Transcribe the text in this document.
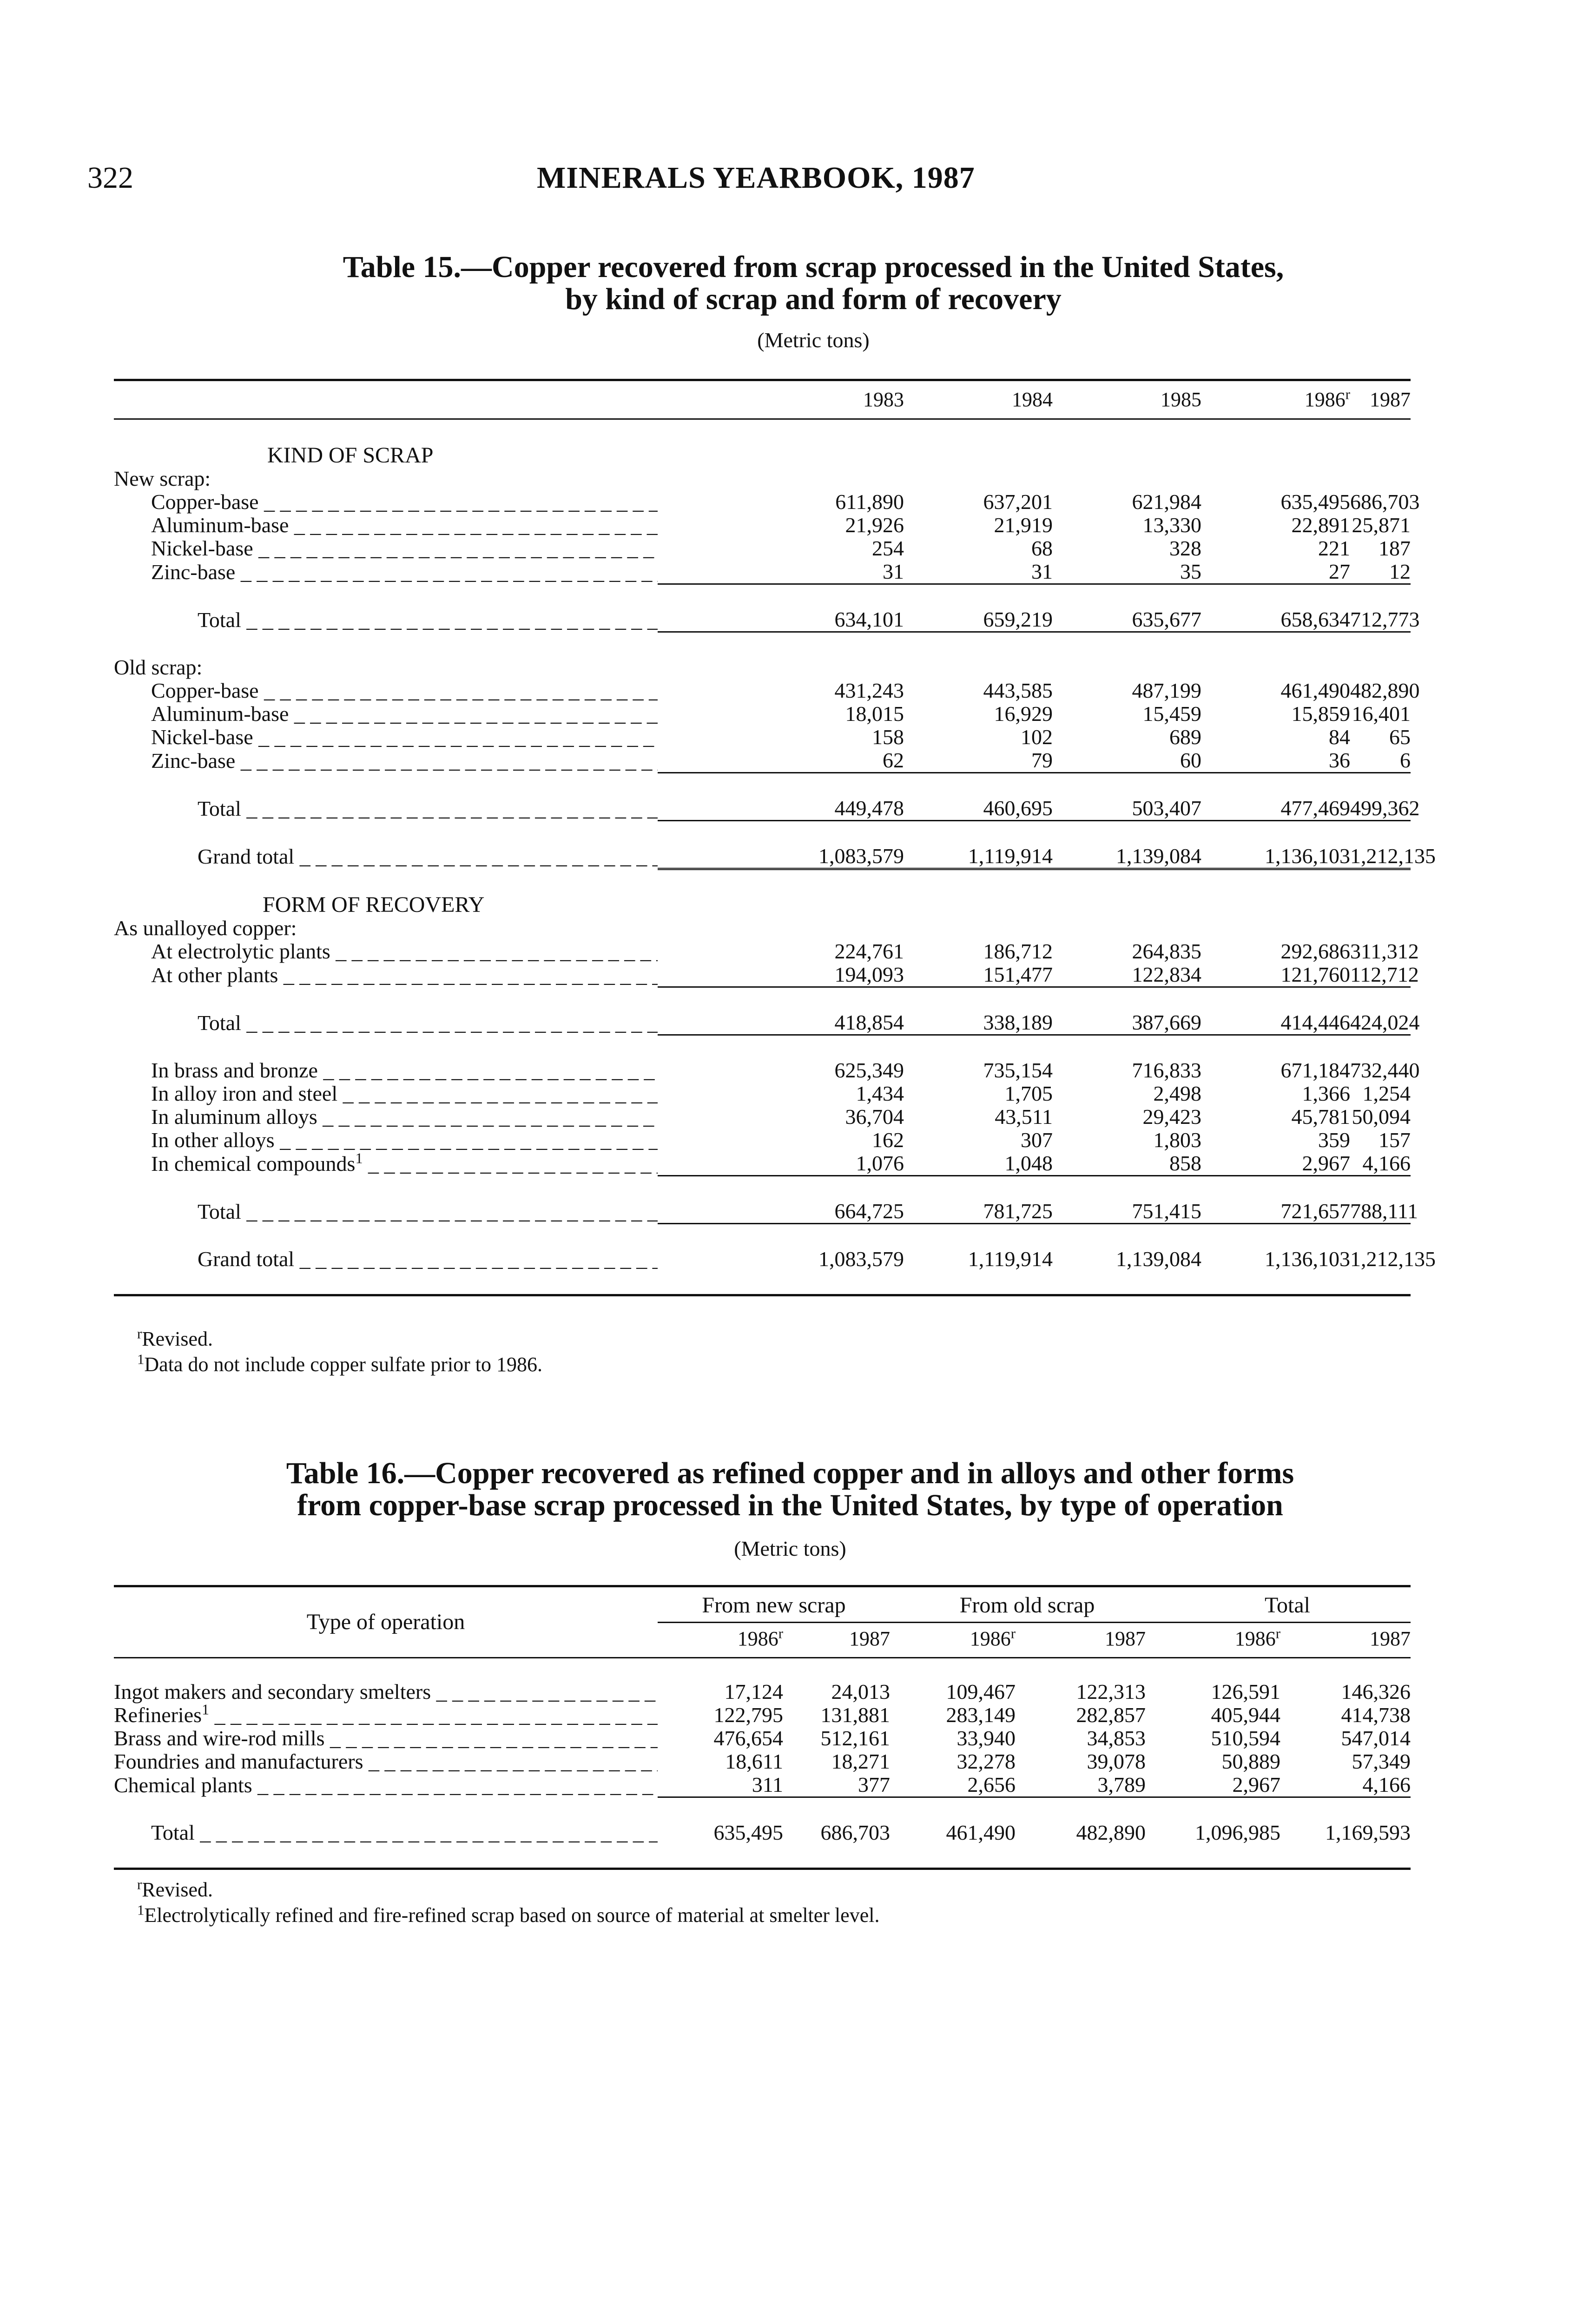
322	MINERALS YEARBOOK, 1987
Table 15.—Copper recovered from scrap processed in the United States,
by kind of scrap and form of recovery
(Metric tons)
	1983	1984	1985	1986$^r$	1987
KIND OF SCRAP					
New scrap:					
Copper-base _ _ _	611,890	637,201	621,984	635,495	686,703
Aluminum-base _ _ _	21,926	21,919	13,330	22,891	25,871
Nickel-base _ _ _	254	68	328	221	187
Zinc-base _ _ _	31	31	35	27	12

Total _ _ _	634,101	659,219	635,677	658,634	712,773

Old scrap:					
Copper-base _ _ _	431,243	443,585	487,199	461,490	482,890
Aluminum-base _ _ _	18,015	16,929	15,459	15,859	16,401
Nickel-base _ _ _	158	102	689	84	65
Zinc-base _ _ _	62	79	60	36	6

Total _ _ _	449,478	460,695	503,407	477,469	499,362

Grand total _ _ _	1,083,579	1,119,914	1,139,084	1,136,103	1,212,135

FORM OF RECOVERY					
As unalloyed copper:					
At electrolytic plants _ _ _	224,761	186,712	264,835	292,686	311,312
At other plants _ _ _	194,093	151,477	122,834	121,760	112,712

Total _ _ _	418,854	338,189	387,669	414,446	424,024

In brass and bronze _ _ _	625,349	735,154	716,833	671,184	732,440
In alloy iron and steel _ _ _	1,434	1,705	2,498	1,366	1,254
In aluminum alloys _ _ _	36,704	43,511	29,423	45,781	50,094
In other alloys _ _ _	162	307	1,803	359	157
In chemical compounds$^1$ _ _ _	1,076	1,048	858	2,967	4,166

Total _ _ _	664,725	781,725	751,415	721,657	788,111

Grand total _ _ _	1,083,579	1,119,914	1,139,084	1,136,103	1,212,135

$^r$Revised.
$^1$Data do not include copper sulfate prior to 1986.
Table 16.—Copper recovered as refined copper and in alloys and other forms
from copper-base scrap processed in the United States, by type of operation
(Metric tons)
Type of operation	From new scrap		From old scrap		Total	
	1986$^r$	1987	1986$^r$	1987	1986$^r$	1987
Ingot makers and secondary smelters _ _ _	17,124	24,013	109,467	122,313	126,591	146,326
Refineries$^1$ _ _ _	122,795	131,881	283,149	282,857	405,944	414,738
Brass and wire-rod mills _ _ _	476,654	512,161	33,940	34,853	510,594	547,014
Foundries and manufacturers _ _ _	18,611	18,271	32,278	39,078	50,889	57,349
Chemical plants _ _ _	311	377	2,656	3,789	2,967	4,166

Total _ _ _	635,495	686,703	461,490	482,890	1,096,985	1,169,593

$^r$Revised.
$^1$Electrolytically refined and fire-refined scrap based on source of material at smelter level.
